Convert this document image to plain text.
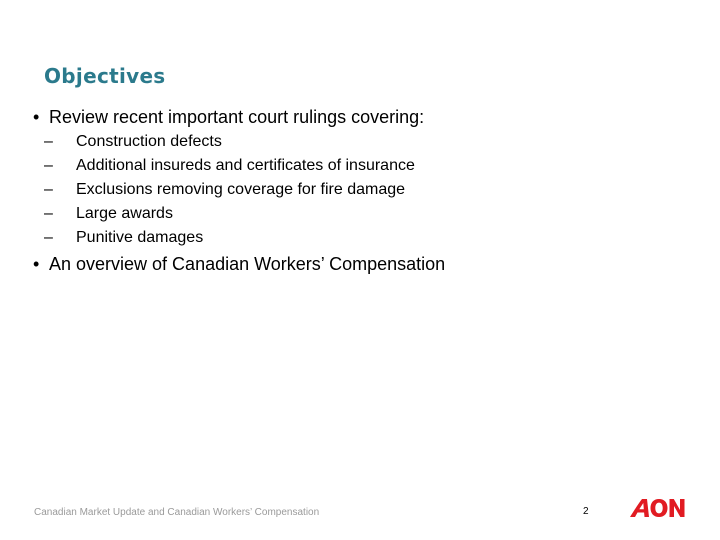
Objectives
• Review recent important court rulings covering:
– Construction defects
– Additional insureds and certificates of insurance
– Exclusions removing coverage for fire damage
– Large awards
– Punitive damages
• An overview of Canadian Workers’ Compensation
Canadian Market Update and Canadian Workers’ Compensation	2
